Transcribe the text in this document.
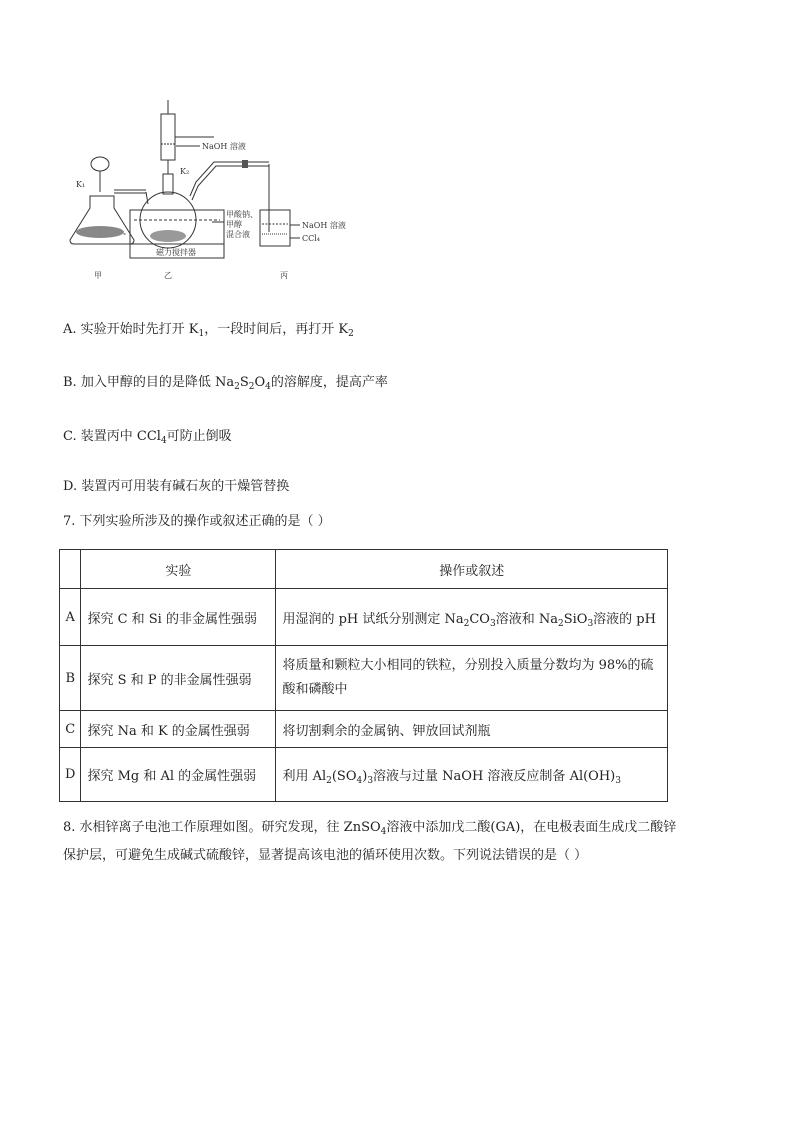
NaOH 溶液
K₁
K₂
甲酸钠、
甲醇
混合液
磁力搅拌器
NaOH 溶液
CCl₄
甲	乙	丙
A. 实验开始时先打开 $K_1$，一段时间后，再打开 $K_2$
B. 加入甲醇的目的是降低 $Na_2S_2O_4$的溶解度，提高产率
C. 装置丙中 CCl$_4$可防止倒吸
D. 装置丙可用装有碱石灰的干燥管替换
7. 下列实验所涉及的操作或叙述正确的是（ ）
	实验	操作或叙述
A	探究 C 和 Si 的非金属性强弱	用湿润的 pH 试纸分别测定 $Na_2CO_3$溶液和 $Na_2SiO_3$溶液的 pH
B	探究 S 和 P 的非金属性强弱	将质量和颗粒大小相同的铁粒，分别投入质量分数均为 98%的硫
酸和磷酸中

C	探究 Na 和 K 的金属性强弱	将切割剩余的金属钠、钾放回试剂瓶
D	探究 Mg 和 Al 的金属性强弱	利用 $Al_2(SO_4)_3$溶液与过量 NaOH 溶液反应制备 $Al(OH)_3$
8. 水相锌离子电池工作原理如图。研究发现，往 ZnSO$_4$溶液中添加戊二酸(GA)，在电极表面生成戊二酸锌
保护层，可避免生成碱式硫酸锌，显著提高该电池的循环使用次数。下列说法错误的是（ ）
